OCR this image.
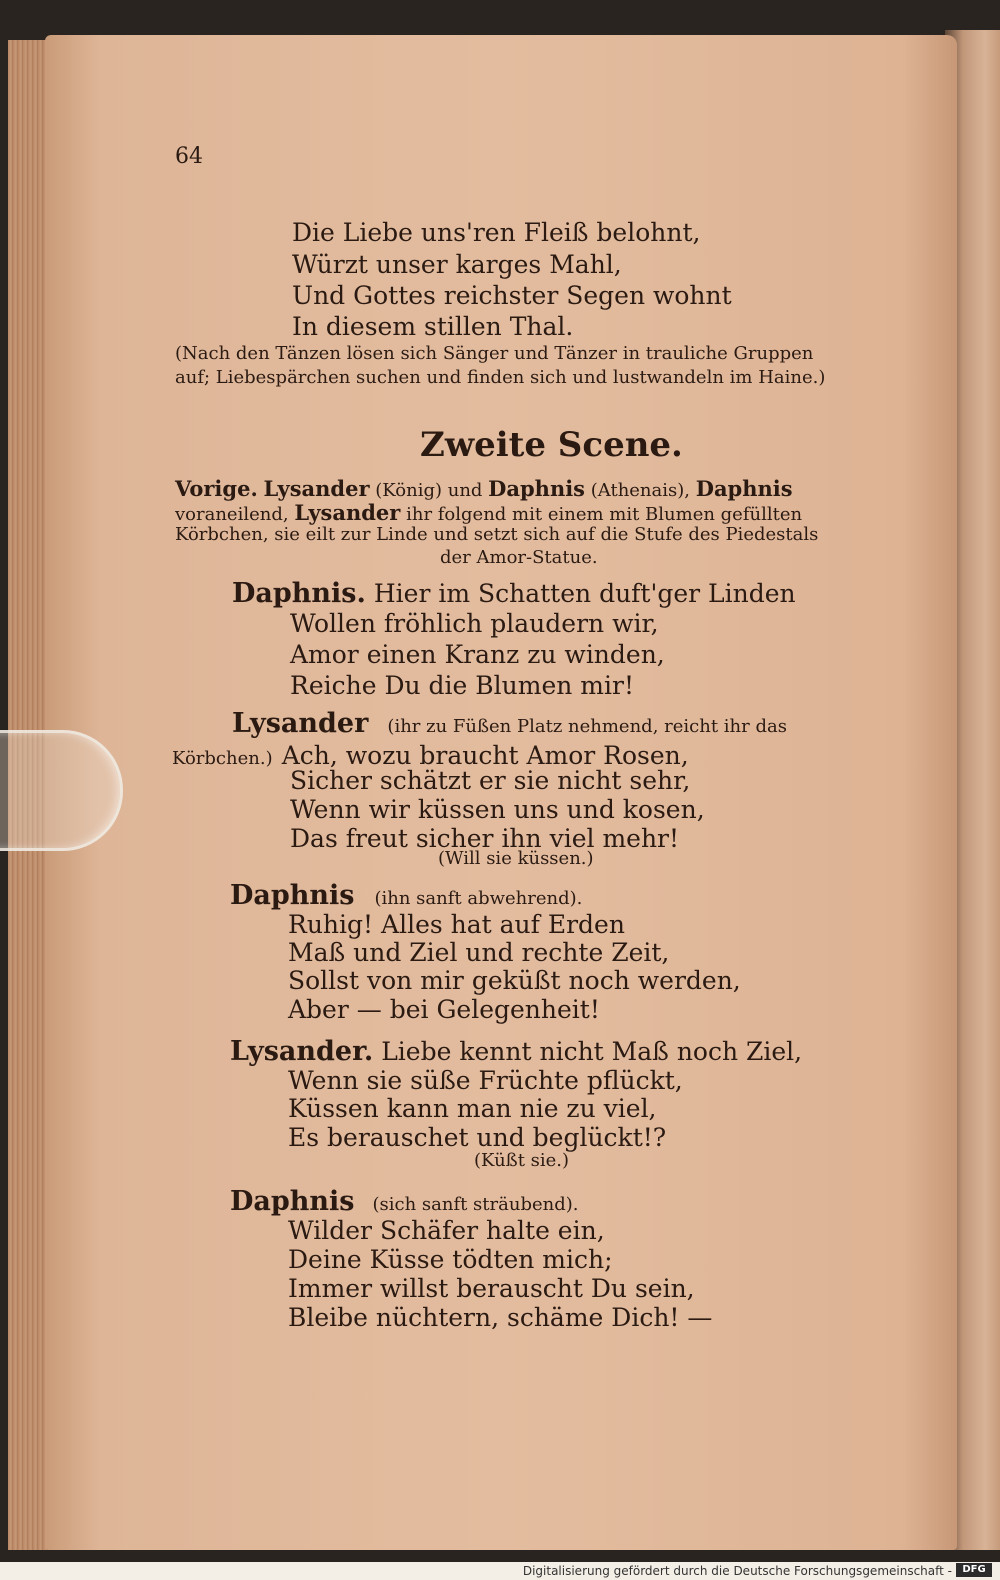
64
Die Liebe uns'ren Fleiß belohnt,
Würzt unser karges Mahl,
Und Gottes reichster Segen wohnt
In diesem stillen Thal.
(Nach den Tänzen lösen sich Sänger und Tänzer in trauliche Gruppen
auf; Liebespärchen suchen und finden sich und lustwandeln im Haine.)
Zweite Scene.
Vorige. Lysander (König) und Daphnis (Athenais), Daphnis
voraneilend, Lysander ihr folgend mit einem mit Blumen gefüllten
Körbchen, sie eilt zur Linde und setzt sich auf die Stufe des Piedestals
der Amor-Statue.
Daphnis. Hier im Schatten duft'ger Linden
Wollen fröhlich plaudern wir,
Amor einen Kranz zu winden,
Reiche Du die Blumen mir!
Lysander (ihr zu Füßen Platz nehmend, reicht ihr das
Körbchen.) Ach, wozu braucht Amor Rosen,
Sicher schätzt er sie nicht sehr,
Wenn wir küssen uns und kosen,
Das freut sicher ihn viel mehr!
(Will sie küssen.)
Daphnis (ihn sanft abwehrend).
Ruhig! Alles hat auf Erden
Maß und Ziel und rechte Zeit,
Sollst von mir geküßt noch werden,
Aber — bei Gelegenheit!
Lysander. Liebe kennt nicht Maß noch Ziel,
Wenn sie süße Früchte pflückt,
Küssen kann man nie zu viel,
Es berauschet und beglückt!?
(Küßt sie.)
Daphnis (sich sanft sträubend).
Wilder Schäfer halte ein,
Deine Küsse tödten mich;
Immer willst berauscht Du sein,
Bleibe nüchtern, schäme Dich! —
Digitalisierung gefördert durch die Deutsche Forschungsgemeinschaft -	DFG
